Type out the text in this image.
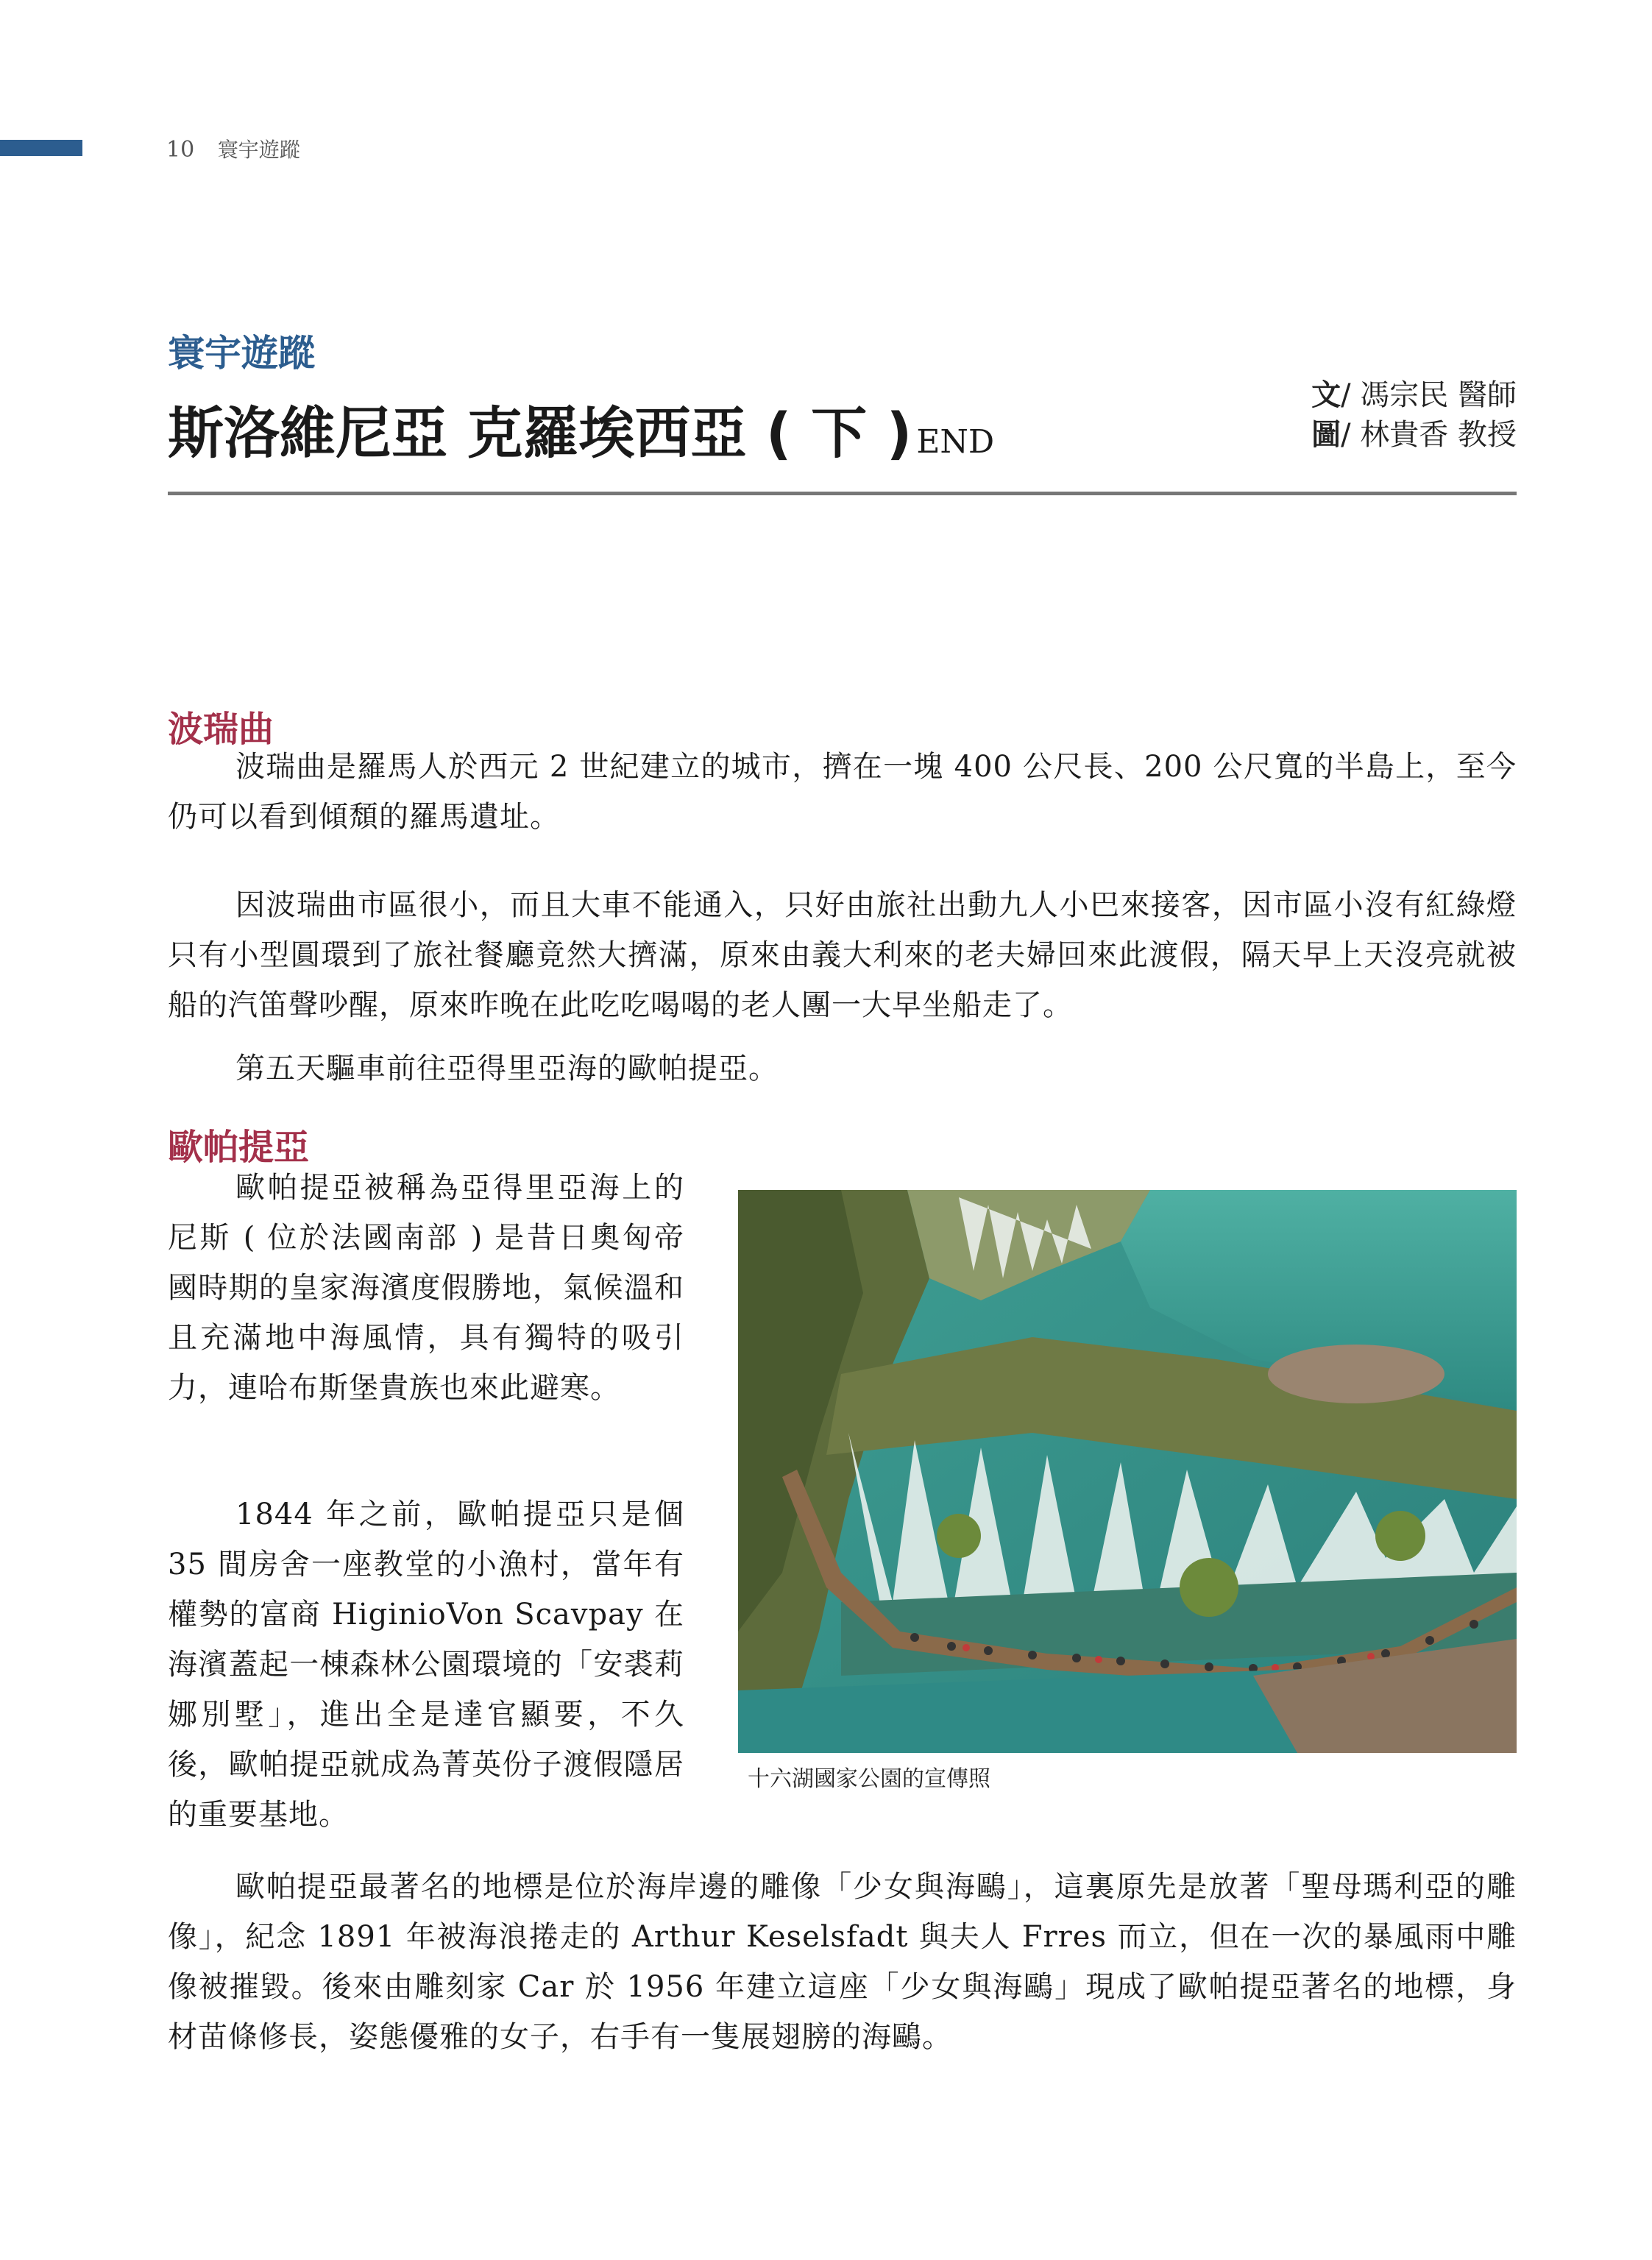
10 寰宇遊蹤
寰宇遊蹤
斯洛維尼亞 克羅埃西亞 ( 下 ) END
文/ 馮宗民 醫師
圖/ 林貴香 教授
波瑞曲

波瑞曲是羅馬人於西元 2 世紀建立的城市，擠在一塊 400 公尺長、200 公尺寬的半島上，至今仍可以看到傾頹的羅馬遺址。

因波瑞曲市區很小，而且大車不能通入，只好由旅社出動九人小巴來接客，因市區小沒有紅綠燈只有小型圓環到了旅社餐廳竟然大擠滿，原來由義大利來的老夫婦回來此渡假，隔天早上天沒亮就被船的汽笛聲吵醒，原來昨晚在此吃吃喝喝的老人團一大早坐船走了。

第五天驅車前往亞得里亞海的歐帕提亞。

歐帕提亞

歐帕提亞被稱為亞得里亞海上的尼斯 ( 位於法國南部 ) 是昔日奧匈帝國時期的皇家海濱度假勝地，氣候溫和且充滿地中海風情，具有獨特的吸引力，連哈布斯堡貴族也來此避寒。

1844 年之前，歐帕提亞只是個 35 間房舍一座教堂的小漁村，當年有權勢的富商 HiginioVon Scavpay 在海濱蓋起一棟森林公園環境的「安裘莉娜別墅」，進出全是達官顯要，不久後，歐帕提亞就成為菁英份子渡假隱居的重要基地。

歐帕提亞最著名的地標是位於海岸邊的雕像「少女與海鷗」，這裏原先是放著「聖母瑪利亞的雕像」，紀念 1891 年被海浪捲走的 Arthur Keselsfadt 與夫人 Frres 而立，但在一次的暴風雨中雕像被摧毀。後來由雕刻家 Car 於 1956 年建立這座「少女與海鷗」現成了歐帕提亞著名的地標，身材苗條修長，姿態優雅的女子，右手有一隻展翅膀的海鷗。

十六湖國家公園的宣傳照
